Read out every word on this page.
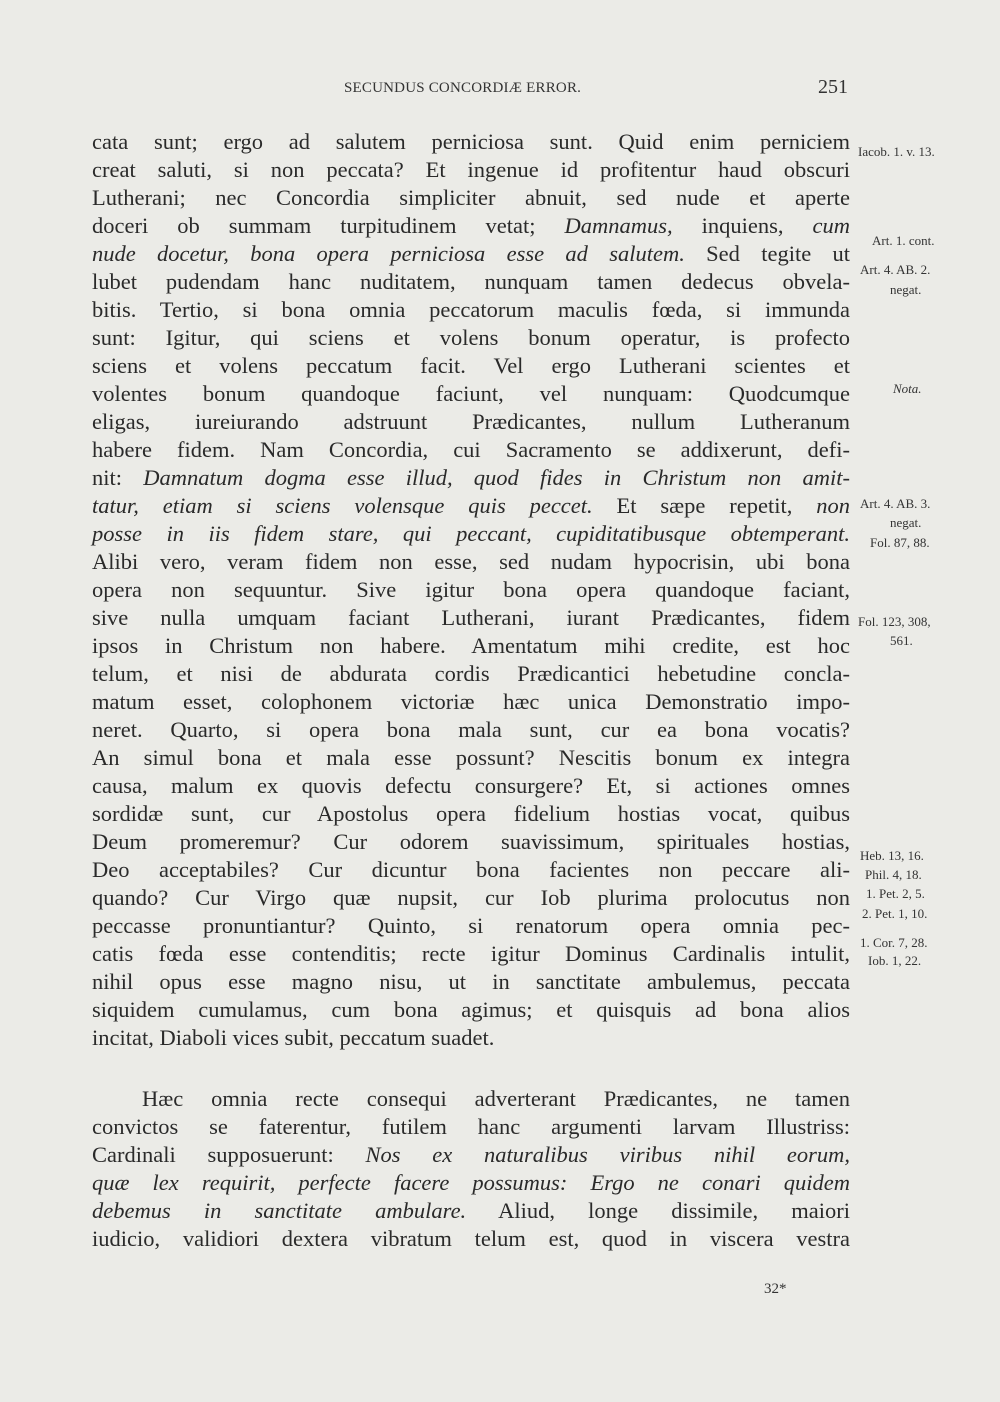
SECUNDUS CONCORDIÆ ERROR.	251
cata sunt; ergo ad salutem perniciosa sunt. Quid enim perniciem
creat saluti, si non peccata? Et ingenue id profitentur haud obscuri
Lutherani; nec Concordia simpliciter abnuit, sed nude et aperte
doceri ob summam turpitudinem vetat; Damnamus, inquiens, cum
nude docetur, bona opera perniciosa esse ad salutem. Sed tegite ut
lubet pudendam hanc nuditatem, nunquam tamen dedecus obvela-
bitis. Tertio, si bona omnia peccatorum maculis fœda, si immunda
sunt: Igitur, qui sciens et volens bonum operatur, is profecto
sciens et volens peccatum facit. Vel ergo Lutherani scientes et
volentes bonum quandoque faciunt, vel nunquam: Quodcumque
eligas, iureiurando adstruunt Prædicantes, nullum Lutheranum
habere fidem. Nam Concordia, cui Sacramento se addixerunt, defi-
nit: Damnatum dogma esse illud, quod fides in Christum non amit-
tatur, etiam si sciens volensque quis peccet. Et sæpe repetit, non
posse in iis fidem stare, qui peccant, cupiditatibusque obtemperant.
Alibi vero, veram fidem non esse, sed nudam hypocrisin, ubi bona
opera non sequuntur. Sive igitur bona opera quandoque faciant,
sive nulla umquam faciant Lutherani, iurant Prædicantes, fidem
ipsos in Christum non habere. Amentatum mihi credite, est hoc
telum, et nisi de abdurata cordis Prædicantici hebetudine concla-
matum esset, colophonem victoriæ hæc unica Demonstratio impo-
neret. Quarto, si opera bona mala sunt, cur ea bona vocatis?
An simul bona et mala esse possunt? Nescitis bonum ex integra
causa, malum ex quovis defectu consurgere? Et, si actiones omnes
sordidæ sunt, cur Apostolus opera fidelium hostias vocat, quibus
Deum promeremur? Cur odorem suavissimum, spirituales hostias,
Deo acceptabiles? Cur dicuntur bona facientes non peccare ali-
quando? Cur Virgo quæ nupsit, cur Iob plurima prolocutus non
peccasse pronuntiantur? Quinto, si renatorum opera omnia pec-
catis fœda esse contenditis; recte igitur Dominus Cardinalis intulit,
nihil opus esse magno nisu, ut in sanctitate ambulemus, peccata
siquidem cumulamus, cum bona agimus; et quisquis ad bona alios
incitat, Diaboli vices subit, peccatum suadet.
Hæc omnia recte consequi adverterant Prædicantes, ne tamen
convictos se faterentur, futilem hanc argumenti larvam Illustriss:
Cardinali supposuerunt: Nos ex naturalibus viribus nihil eorum,
quæ lex requirit, perfecte facere possumus: Ergo ne conari quidem
debemus in sanctitate ambulare. Aliud, longe dissimile, maiori
iudicio, validiori dextera vibratum telum est, quod in viscera vestra
Iacob. 1. v. 13.
Art. 1. cont.
Art. 4. AB. 2.
negat.
Nota.
Art. 4. AB. 3.
negat.
Fol. 87, 88.
Fol. 123, 308,
561.
Heb. 13, 16.
Phil. 4, 18.
1. Pet. 2, 5.
2. Pet. 1, 10.
1. Cor. 7, 28.
Iob. 1, 22.
32*
